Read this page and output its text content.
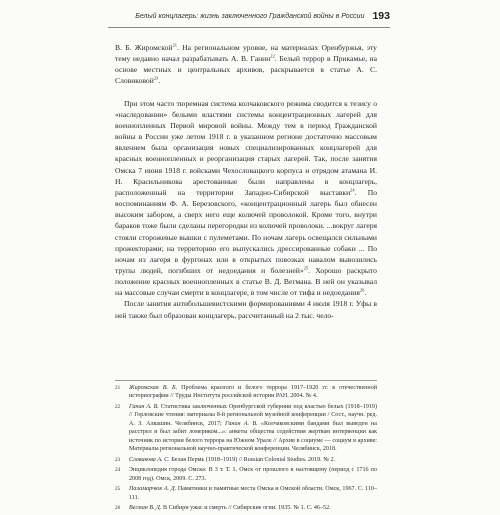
Белый концлагерь: жизнь заключенного Гражданской войны в России 193

В. Б. Жиромской$^{21}$. На региональном уровне, на материалах Оренбуржья, эту тему недавно начал разрабатывать А. В. Ганин$^{22}$. Белый террор в Прикамье, на основе местных и центральных архивов, раскрывается в статье А. С. Словиковой$^{23}$.

При этом часто тюремная система колчаковского режима сводится к тезису о «наследовании» белыми властями системы концентрационных лагерей для военнопленных Первой мировой войны. Между тем в период Гражданской войны в России уже летом 1918 г. в указанном регионе достаточно массовым явлением была организация новых специализированных концлагерей для красных военнопленных и реорганизация старых лагерей. Так, после занятия Омска 7 июня 1918 г. войсками Чехословацкого корпуса и отрядом атамана И. Н. Красильникова арестованные были направлены в концлагерь, расположенный на территории Западно-Сибирской выставки$^{24}$. По воспоминаниям Ф. А. Березовского, «концентрационный лагерь был обнесен высоким забором, а сверх него еще колючей проволокой. Кроме того, внутри бараков тоже были сделаны перегородки из колючей проволоки. ...вокруг лагеря стояли сторожевые вышки с пулеметами. По ночам лагерь освещался сильными прожекторами; на территорию его выпускались дрессированные собаки ... По ночам из лагеря в фургонах или в открытых повозках навалом вывозились трупы людей, погибших от недоедания и болезней»$^{25}$. Хорошо раскрыто положение красных военнопленных в статье В. Д. Вегмана. В ней он указывал на массовые случаи смерти в концлагере, в том числе от тифа и недоедания$^{26}$.

После занятия антибольшевистскими формированиями 4 июля 1918 г. Уфы в ней также был образован концлагерь, рассчитанный на 2 тыс. чело-

21	Жиромская В. Б. Проблема красного и белого террора 1917–1920 гг. в отечественной историографии // Труды Института российской истории РАН. 2004. № 4.
22	Ганин А. В. Статистика заключенных Оренбургской губернии под властью белых (1918–1919) // Горловские чтения: материалы 8-й региональной музейной конференции / Сост., научн. ред. А. З. Алкашин. Челябинск, 2017; Ганин А. В. «Колчаковскими бандами был выведен на расстрел и был забит ломериком...»: анкеты общества содействия жертвам интервенции как источник по истории белого террора на Южном Урале // Архив в социуме — социум в архиве: Материалы региональной научно-практической конференции. Челябинск, 2018.
23	Словикова А. С. Белая Пермь (1918–1919) // Russian Colonial Studies. 2019. № 2.
24	Энциклопедия города Омска: В 3 т. Т. 1. Омск от прошлого к настоящему (период с 1716 по 2008 год). Омск, 2009. С. 273.
25	Паламарчюк А. Д. Памятники и памятные места Омска и Омской области. Омск, 1967. С. 110–111.
26	Вегман В. Д. В Сибири ужас и смерть // Сибирские огни. 1935. № 1. С. 46–52.
